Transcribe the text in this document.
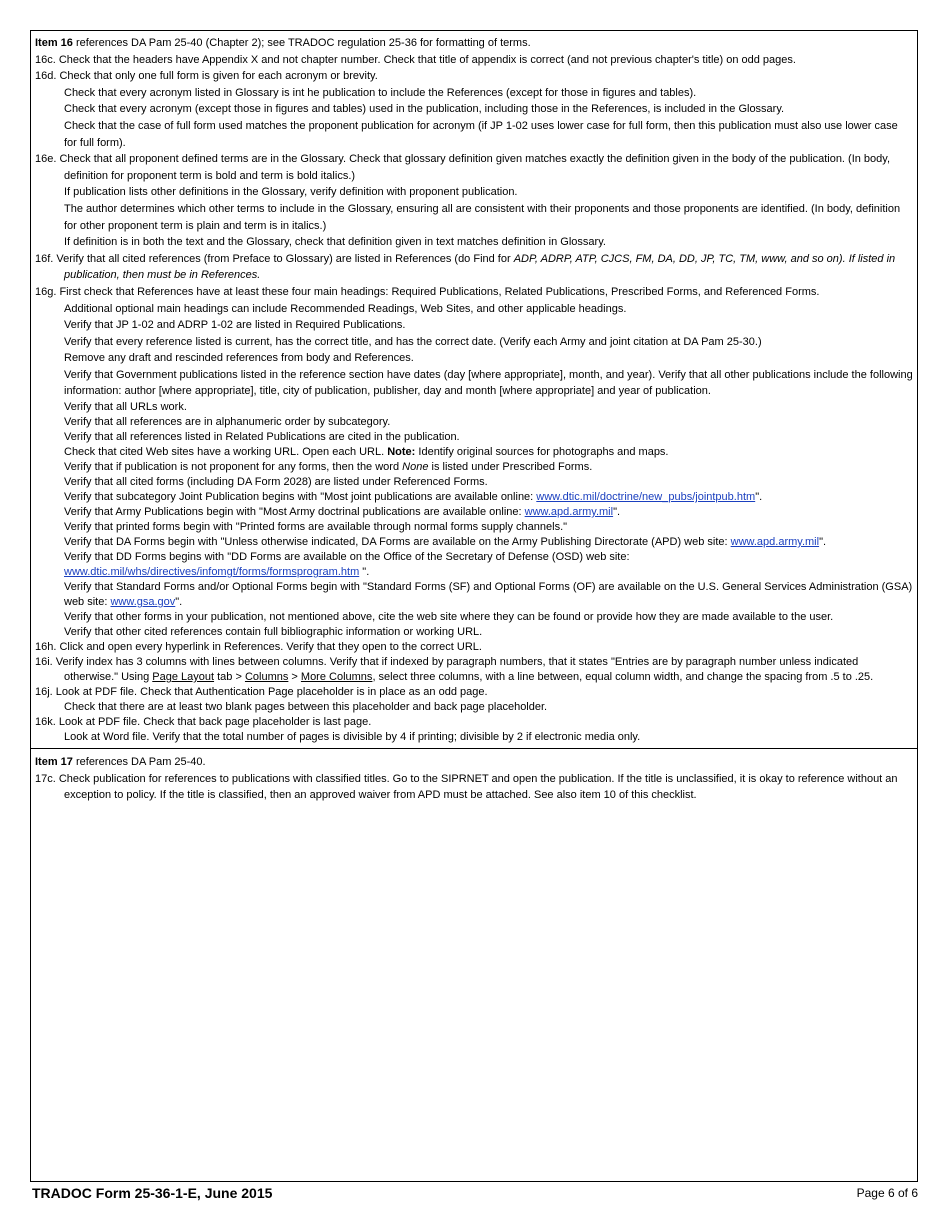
Item 16 references DA Pam 25-40 (Chapter 2); see TRADOC regulation 25-36 for formatting of terms.
16c. Check that the headers have Appendix X and not chapter number. Check that title of appendix is correct (and not previous chapter's title) on odd pages.
16d. Check that only one full form is given for each acronym or brevity.
Check that every acronym listed in Glossary is int he publication to include the References (except for those in figures and tables).
Check that every acronym (except those in figures and tables) used in the publication, including those in the References, is included in the Glossary.
Check that the case of full form used matches the proponent publication for acronym (if JP 1-02 uses lower case for full form, then this publication must also use lower case for full form).
16e. Check that all proponent defined terms are in the Glossary. Check that glossary definition given matches exactly the definition given in the body of the publication. (In body, definition for proponent term is bold and term is bold italics.)
If publication lists other definitions in the Glossary, verify definition with proponent publication.
The author determines which other terms to include in the Glossary, ensuring all are consistent with their proponents and those proponents are identified. (In body, definition for other proponent term is plain and term is in italics.)
If definition is in both the text and the Glossary, check that definition given in text matches definition in Glossary.
16f. Verify that all cited references (from Preface to Glossary) are listed in References (do Find for ADP, ADRP, ATP, CJCS, FM, DA, DD, JP, TC, TM, www, and so on). If listed in publication, then must be in References.
16g. First check that References have at least these four main headings: Required Publications, Related Publications, Prescribed Forms, and Referenced Forms.
Additional optional main headings can include Recommended Readings, Web Sites, and other applicable headings.
Verify that JP 1-02 and ADRP 1-02 are listed in Required Publications.
Verify that every reference listed is current, has the correct title, and has the correct date. (Verify each Army and joint citation at DA Pam 25-30.)
Remove any draft and rescinded references from body and References.
Verify that Government publications listed in the reference section have dates (day [where appropriate], month, and year). Verify that all other publications include the following information: author [where appropriate], title, city of publication, publisher, day and month [where appropriate] and year of publication.
Verify that all URLs work.
Verify that all references are in alphanumeric order by subcategory.
Verify that all references listed in Related Publications are cited in the publication.
Check that cited Web sites have a working URL. Open each URL. Note: Identify original sources for photographs and maps.
Verify that if publication is not proponent for any forms, then the word None is listed under Prescribed Forms.
Verify that all cited forms (including DA Form 2028) are listed under Referenced Forms.
Verify that subcategory Joint Publication begins with "Most joint publications are available online: www.dtic.mil/doctrine/new_pubs/jointpub.htm".
Verify that Army Publications begin with "Most Army doctrinal publications are available online: www.apd.army.mil".
Verify that printed forms begin with "Printed forms are available through normal forms supply channels."
Verify that DA Forms begin with "Unless otherwise indicated, DA Forms are available on the Army Publishing Directorate (APD) web site: www.apd.army.mil".
Verify that DD Forms begins with "DD Forms are available on the Office of the Secretary of Defense (OSD) web site:
www.dtic.mil/whs/directives/infomgt/forms/formsprogram.htm ".
Verify that Standard Forms and/or Optional Forms begin with "Standard Forms (SF) and Optional Forms (OF) are available on the U.S. General Services Administration (GSA) web site: www.gsa.gov".
Verify that other forms in your publication, not mentioned above, cite the web site where they can be found or provide how they are made available to the user.
Verify that other cited references contain full bibliographic information or working URL.
16h. Click and open every hyperlink in References. Verify that they open to the correct URL.
16i. Verify index has 3 columns with lines between columns. Verify that if indexed by paragraph numbers, that it states "Entries are by paragraph number unless indicated otherwise." Using Page Layout tab > Columns > More Columns, select three columns, with a line between, equal column width, and change the spacing from .5 to .25.
16j. Look at PDF file. Check that Authentication Page placeholder is in place as an odd page.
Check that there are at least two blank pages between this placeholder and back page placeholder.
16k. Look at PDF file. Check that back page placeholder is last page.
Look at Word file. Verify that the total number of pages is divisible by 4 if printing; divisible by 2 if electronic media only.
Item 17 references DA Pam 25-40.
17c. Check publication for references to publications with classified titles. Go to the SIPRNET and open the publication. If the title is unclassified, it is okay to reference without an exception to policy. If the title is classified, then an approved waiver from APD must be attached. See also item 10 of this checklist.
TRADOC Form 25-36-1-E, June 2015	Page 6 of 6
